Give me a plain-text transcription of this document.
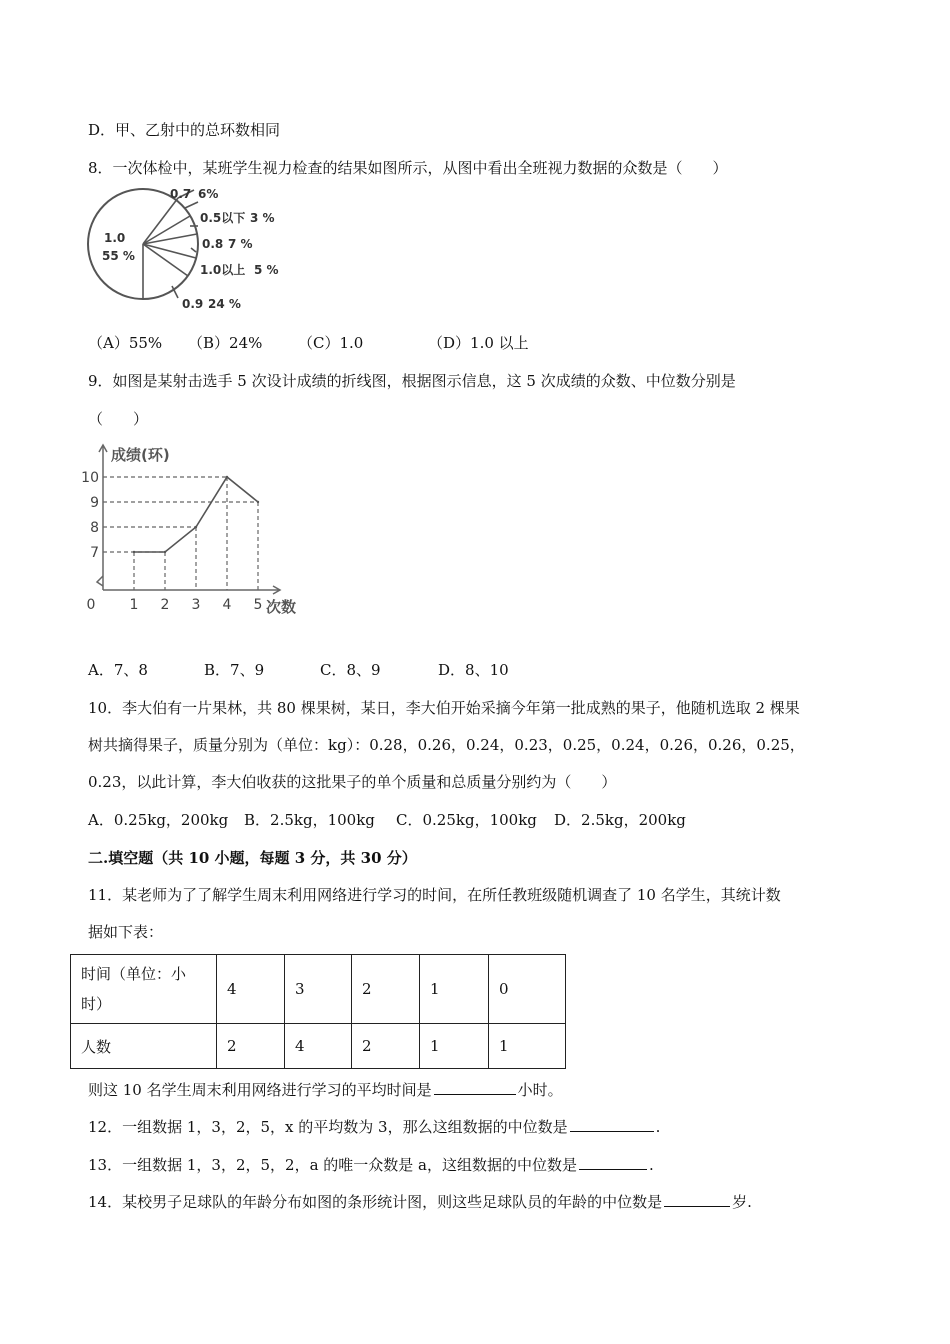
D．甲、乙射中的总环数相同
8．一次体检中，某班学生视力检查的结果如图所示，从图中看出全班视力数据的众数是（　　）
1.0
55 %
0.7 6%
0.5以下 3 %
0.8 7 %
1.0以上 5 %
0.9 24 %
（A）55% （B）24% （C）1.0	（D）1.0 以上
9．如图是某射击选手 5 次设计成绩的折线图，根据图示信息，这 5 次成绩的众数、中位数分别是
（　　）
成绩(环)
次数
7
8
9
10
0 1 2 3 4 5
A．7、8	B．7、9	C．8、9	D．8、10
10．李大伯有一片果林，共 80 棵果树，某日，李大伯开始采摘今年第一批成熟的果子，他随机选取 2 棵果
树共摘得果子，质量分别为（单位：kg）：0.28，0.26，0.24，0.23，0.25，0.24，0.26，0.26，0.25，
0.23，以此计算，李大伯收获的这批果子的单个质量和总质量分别约为（　　）
A．0.25kg，200kg B．2.5kg，100kg C．0.25kg，100kg D．2.5kg，200kg
二.填空题（共 10 小题，每题 3 分，共 30 分）
11．某老师为了了解学生周末利用网络进行学习的时间，在所任教班级随机调查了 10 名学生，其统计数
据如下表：
时间（单位：小
时）	4	3	2	1	0
人数	2	4	2	1	1
则这 10 名学生周末利用网络进行学习的平均时间是	小时。
12．一组数据 1，3，2，5，x 的平均数为 3，那么这组数据的中位数是	.
13．一组数据 1，3，2，5，2，a 的唯一众数是 a，这组数据的中位数是	.
14．某校男子足球队的年龄分布如图的条形统计图，则这些足球队员的年龄的中位数是	岁.
